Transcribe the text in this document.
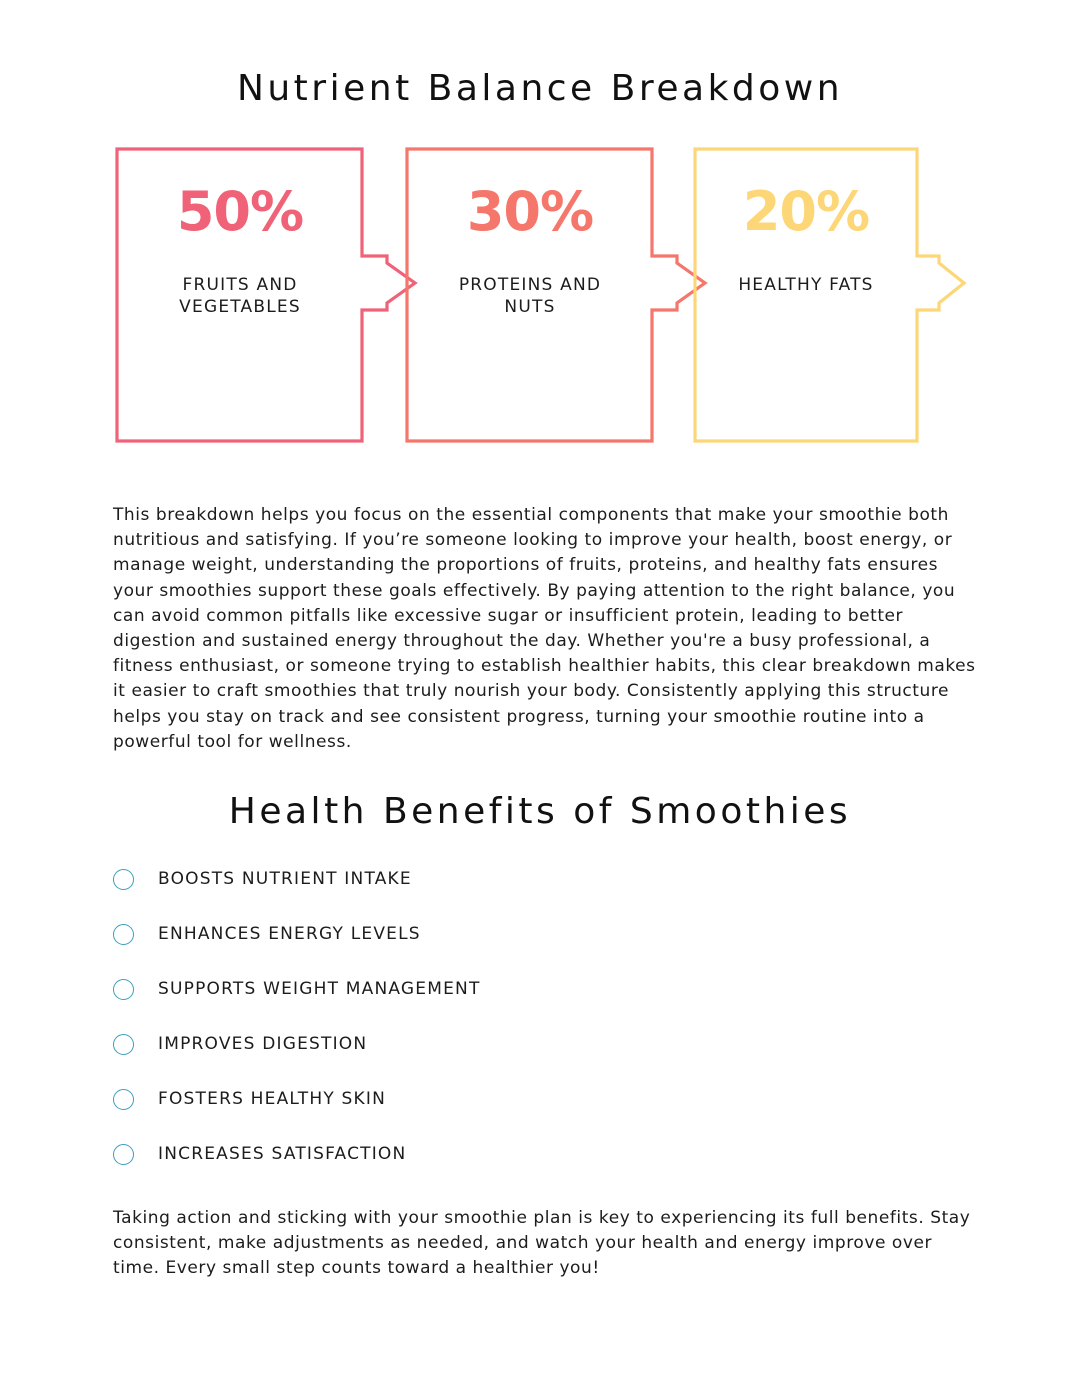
Nutrient Balance Breakdown
50%
FRUITS AND
VEGETABLES
30%
PROTEINS AND
NUTS
20%
HEALTHY FATS

This breakdown helps you focus on the essential components that make your smoothie both nutritious and satisfying. If you’re someone looking to improve your health, boost energy, or manage weight, understanding the proportions of fruits, proteins, and healthy fats ensures your smoothies support these goals effectively. By paying attention to the right balance, you can avoid common pitfalls like excessive sugar or insufficient protein, leading to better digestion and sustained energy throughout the day. Whether you're a busy professional, a fitness enthusiast, or someone trying to establish healthier habits, this clear breakdown makes it easier to craft smoothies that truly nourish your body. Consistently applying this structure helps you stay on track and see consistent progress, turning your smoothie routine into a powerful tool for wellness.

Health Benefits of Smoothies
BOOSTS NUTRIENT INTAKE
ENHANCES ENERGY LEVELS
SUPPORTS WEIGHT MANAGEMENT
IMPROVES DIGESTION
FOSTERS HEALTHY SKIN
INCREASES SATISFACTION

Taking action and sticking with your smoothie plan is key to experiencing its full benefits. Stay consistent, make adjustments as needed, and watch your health and energy improve over time. Every small step counts toward a healthier you!
